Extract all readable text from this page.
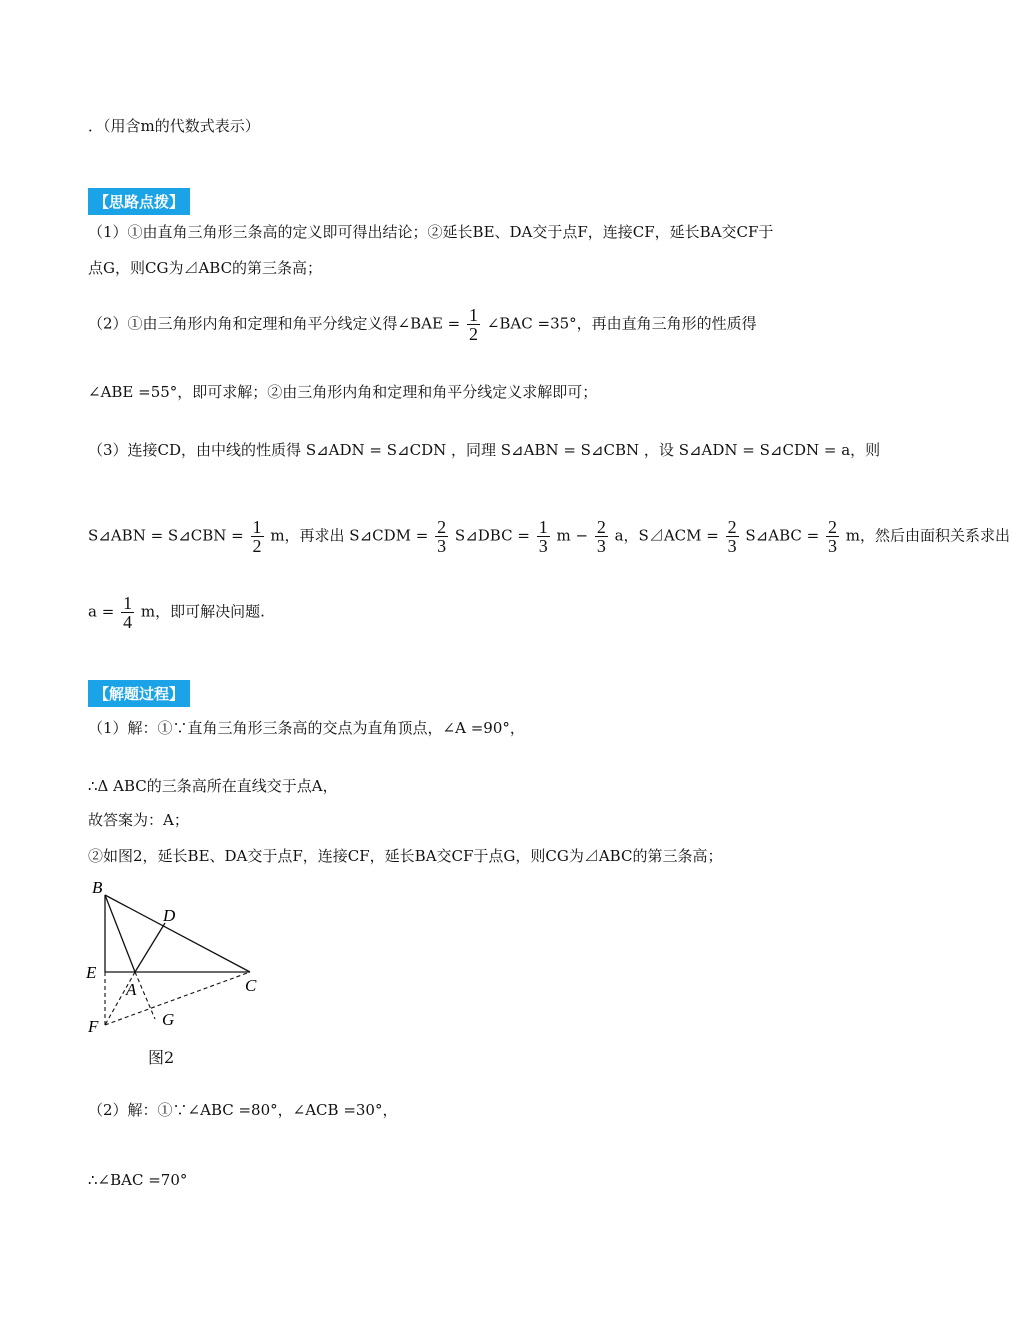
．（用含m的代数式表示）
【思路点拨】
（1）①由直角三角形三条高的定义即可得出结论；②延长BE、DA交于点F，连接CF，延长BA交CF于
点G，则CG为⊿ABC的第三条高；
（2）①由三角形内角和定理和角平分线定义得∠BAE = $\frac{1}{2}$ ∠BAC =35°，再由直角三角形的性质得
∠ABE =55°，即可求解；②由三角形内角和定理和角平分线定义求解即可；
（3）连接CD，由中线的性质得 S⊿ADN = S⊿CDN ，同理 S⊿ABN = S⊿CBN ，设 S⊿ADN = S⊿CDN = a，则
S⊿ABN = S⊿CBN = $\frac{1}{2}$ m，再求出 S⊿CDM = $\frac{2}{3}$ S⊿DBC = $\frac{1}{3}$ $m - \frac{2}{3}$ a，S⊿ACM = $\frac{2}{3}$ S⊿ABC = $\frac{2}{3}$ m，然后由面积关系求出
$a = \frac{1}{4}$ m，即可解决问题.
【解题过程】
（1）解：①∵直角三角形三条高的交点为直角顶点，∠A =90°，
∴Δ ABC的三条高所在直线交于点A，
故答案为：A；
②如图2，延长BE、DA交于点F，连接CF，延长BA交CF于点G，则CG为⊿ABC的第三条高；
B
D
E
A	C
F	G
图2
（2）解：①∵∠ABC =80°，∠ACB =30°，
∴∠BAC =70°
